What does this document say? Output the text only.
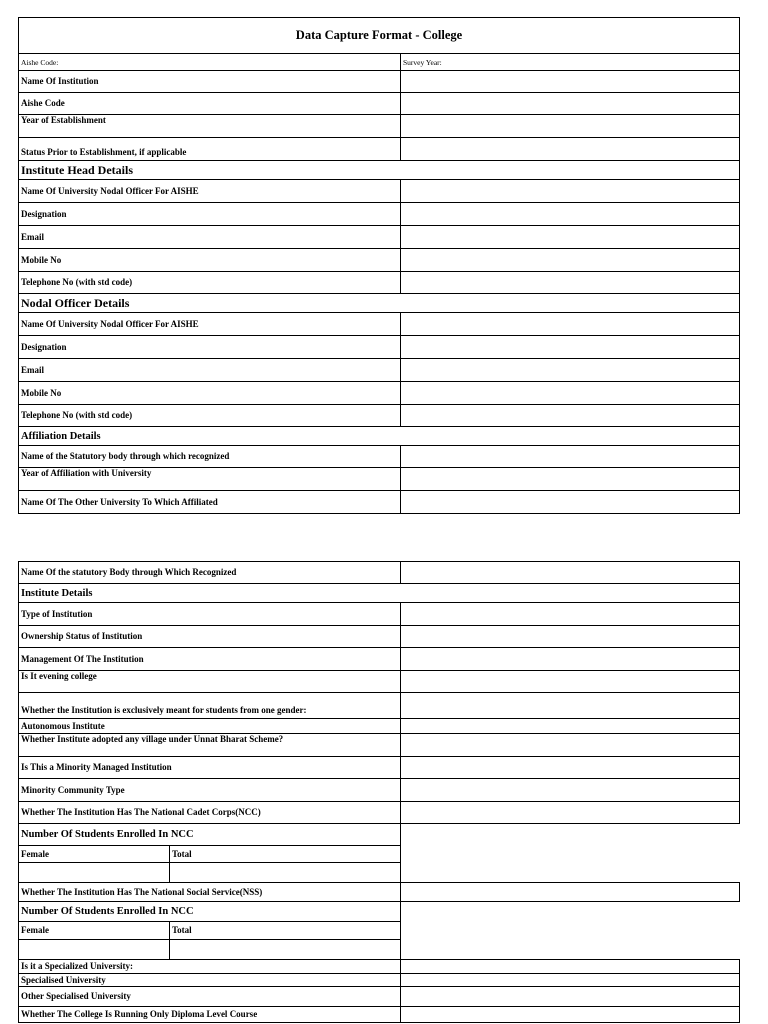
Data Capture Format - College	
Aishe Code:	Survey Year:
Name Of Institution	
Aishe Code	
Year of Establishment	
Status Prior to Establishment, if applicable	
Institute Head Details	
Name Of University Nodal Officer For AISHE	
Designation	
Email	
Mobile No	
Telephone No (with std code)	
Nodal Officer Details	
Name Of University Nodal Officer For AISHE	
Designation	
Email	
Mobile No	
Telephone No (with std code)	
Affiliation Details	
Name of the Statutory body through which recognized	
Year of Affiliation with University	
Name Of The Other University To Which Affiliated	
Name Of the statutory Body through Which Recognized		
Institute Details		
Type of Institution		
Ownership Status of Institution		
Management Of The Institution		
Is It evening college		
Whether the Institution is exclusively meant for students from one gender:		
Autonomous Institute		
Whether Institute adopted any village under Unnat Bharat Scheme?		
Is This a Minority Managed Institution		
Minority Community Type		
Whether The Institution Has The National Cadet Corps(NCC)		
Number Of Students Enrolled In NCC		
Female	Total	

Whether The Institution Has The National Social Service(NSS)		
Number Of Students Enrolled In NCC		
Female	Total	

Is it a Specialized University:		
Specialised University		
Other Specialised University		
Whether The College Is Running Only Diploma Level Course		
